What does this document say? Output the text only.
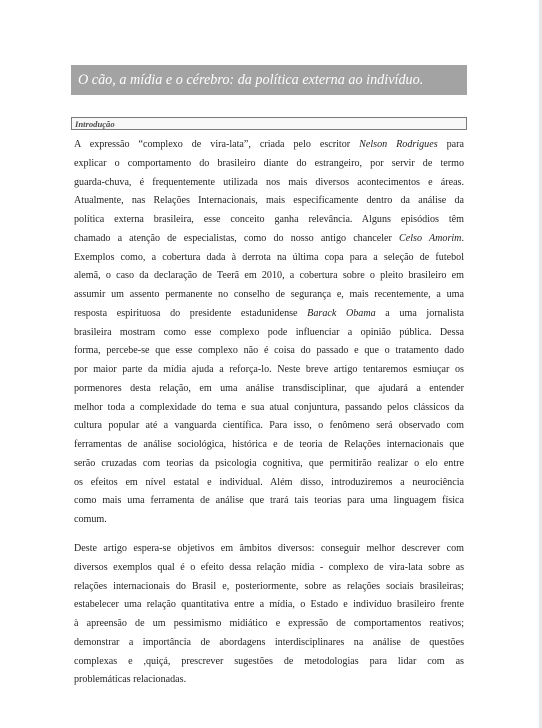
O cão, a mídia e o cérebro: da política externa ao indivíduo.
Introdução
A expressão “complexo de vira-lata”, criada pelo escritor Nelson Rodrigues para
explicar o comportamento do brasileiro diante do estrangeiro, por servir de termo
guarda-chuva, é frequentemente utilizada nos mais diversos acontecimentos e áreas.
Atualmente, nas Relações Internacionais, mais especificamente dentro da análise da
política externa brasileira, esse conceito ganha relevância. Alguns episódios têm
chamado a atenção de especialistas, como do nosso antigo chanceler Celso Amorim.
Exemplos como, a cobertura dada à derrota na última copa para a seleção de futebol
alemã, o caso da declaração de Teerã em 2010, a cobertura sobre o pleito brasileiro em
assumir um assento permanente no conselho de segurança e, mais recentemente, a uma
resposta espirituosa do presidente estadunidense Barack Obama a uma jornalista
brasileira mostram como esse complexo pode influenciar a opinião pública. Dessa
forma, percebe-se que esse complexo não é coisa do passado e que o tratamento dado
por maior parte da mídia ajuda a reforça-lo. Neste breve artigo tentaremos esmiuçar os
pormenores desta relação, em uma análise transdisciplinar, que ajudará a entender
melhor toda a complexidade do tema e sua atual conjuntura, passando pelos clássicos da
cultura popular até a vanguarda científica. Para isso, o fenômeno será observado com
ferramentas de análise sociológica, histórica e de teoria de Relações internacionais que
serão cruzadas com teorias da psicologia cognitiva, que permitirão realizar o elo entre
os efeitos em nível estatal e individual. Além disso, introduziremos a neurociência
como mais uma ferramenta de análise que trará tais teorias para uma linguagem física
comum.
Deste artigo espera-se objetivos em âmbitos diversos: conseguir melhor descrever com
diversos exemplos qual é o efeito dessa relação mídia - complexo de vira-lata sobre as
relações internacionais do Brasil e, posteriormente, sobre as relações sociais brasileiras;
estabelecer uma relação quantitativa entre a mídia, o Estado e indivíduo brasileiro frente
à apreensão de um pessimismo midiático e expressão de comportamentos reativos;
demonstrar a importância de abordagens interdisciplinares na análise de questões
complexas e ,quiçá, prescrever sugestões de metodologias para lidar com as
problemáticas relacionadas.
